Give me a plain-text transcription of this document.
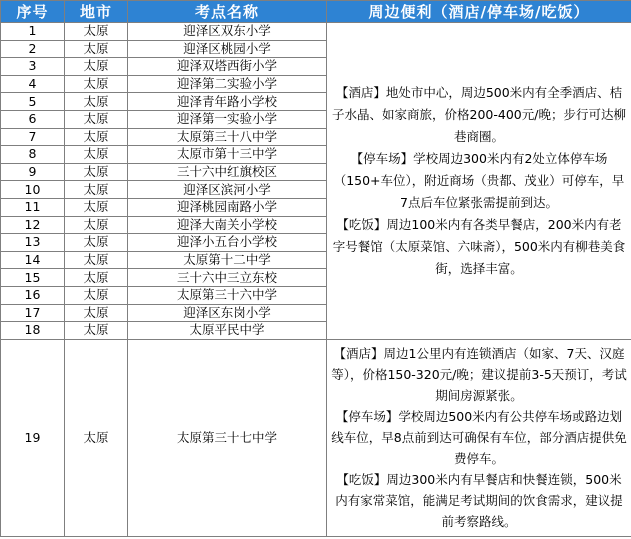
序号	地市	考点名称	周边便利（酒店/停车场/吃饭）
1	太原	迎泽区双东小学	【酒店】地处市中心，周边500米内有全季酒店、桔子水晶、如家商旅，价格200-400元/晚；步行可达柳巷商圈。

【停车场】学校周边300米内有2处立体停车场（150+车位），附近商场（贵都、茂业）可停车，早7点后车位紧张需提前到达。

【吃饭】周边100米内有各类早餐店，200米内有老字号餐馆（太原菜馆、六味斋），500米内有柳巷美食街，选择丰富。

2	太原	迎泽区桃园小学	
3	太原	迎泽双塔西街小学	
4	太原	迎泽第二实验小学	
5	太原	迎泽青年路小学校	
6	太原	迎泽第一实验小学	
7	太原	太原第三十八中学	
8	太原	太原市第十三中学	
9	太原	三十六中红旗校区	
10	太原	迎泽区滨河小学	
11	太原	迎泽桃园南路小学	
12	太原	迎泽大南关小学校	
13	太原	迎泽小五台小学校	
14	太原	太原第十二中学	
15	太原	三十六中三立东校	
16	太原	太原第三十六中学	
17	太原	迎泽区东岗小学	
18	太原	太原平民中学	
19	太原	太原第三十七中学	【酒店】周边1公里内有连锁酒店（如家、7天、汉庭等），价格150-320元/晚；建议提前3-5天预订，考试期间房源紧张。

【停车场】学校周边500米内有公共停车场或路边划线车位，早8点前到达可确保有车位，部分酒店提供免费停车。

【吃饭】周边300米内有早餐店和快餐连锁，500米内有家常菜馆，能满足考试期间的饮食需求，建议提前考察路线。
